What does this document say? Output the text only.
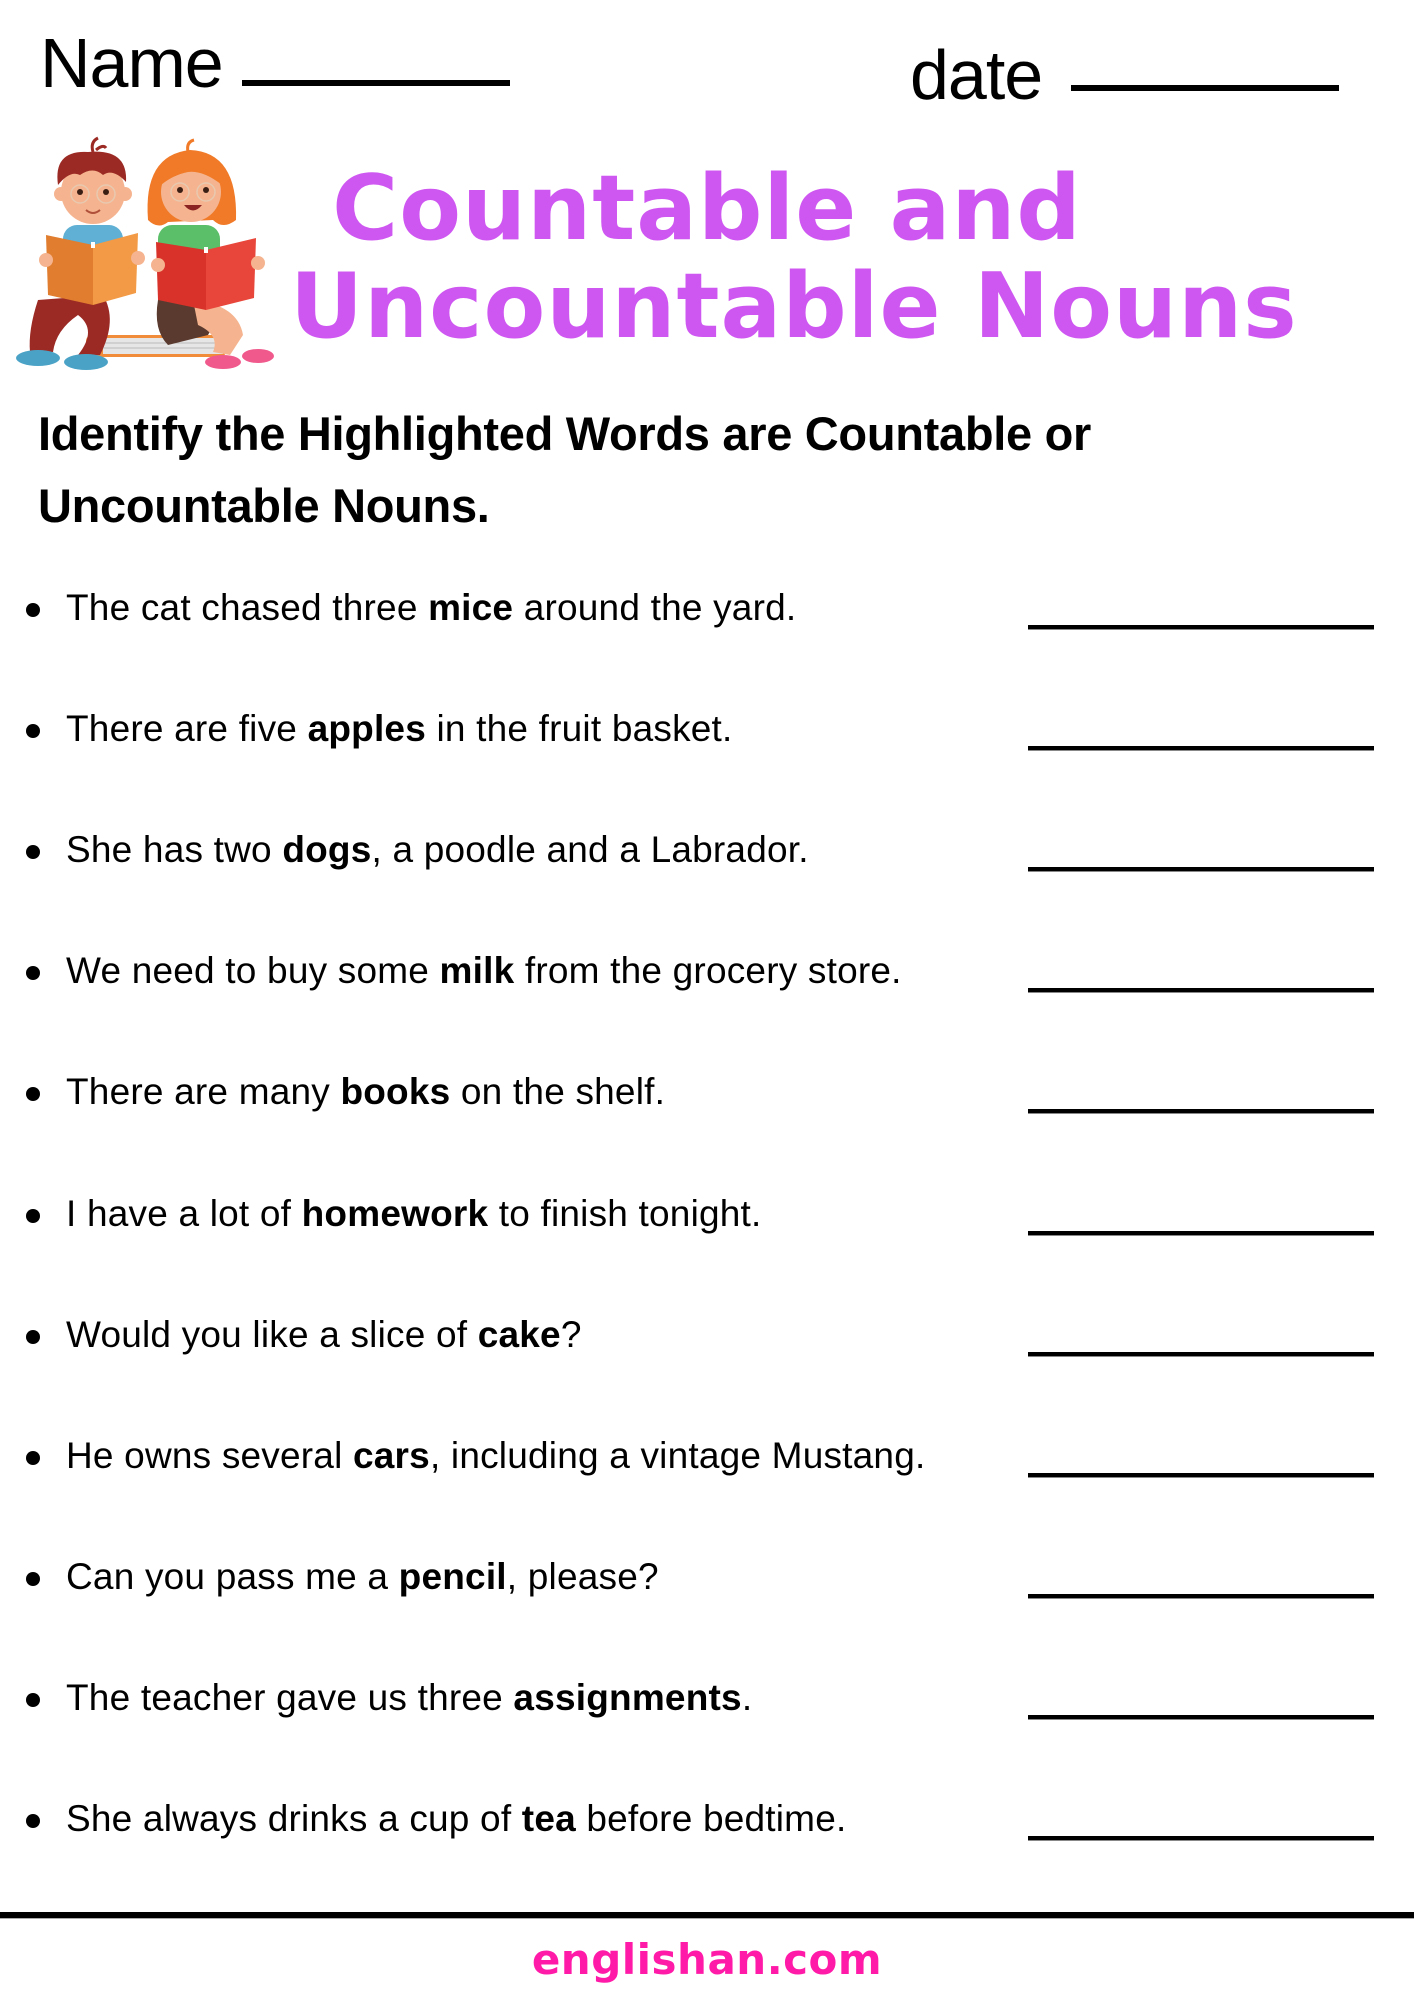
Name	date
Countable and
Uncountable Nouns
Identify the Highlighted Words are Countable or Uncountable Nouns.
The cat chased three mice around the yard.
There are five apples in the fruit basket.
She has two dogs, a poodle and a Labrador.
We need to buy some milk from the grocery store.
There are many books on the shelf.
I have a lot of homework to finish tonight.
Would you like a slice of cake?
He owns several cars, including a vintage Mustang.
Can you pass me a pencil, please?
The teacher gave us three assignments.
She always drinks a cup of tea before bedtime.
englishan.com
